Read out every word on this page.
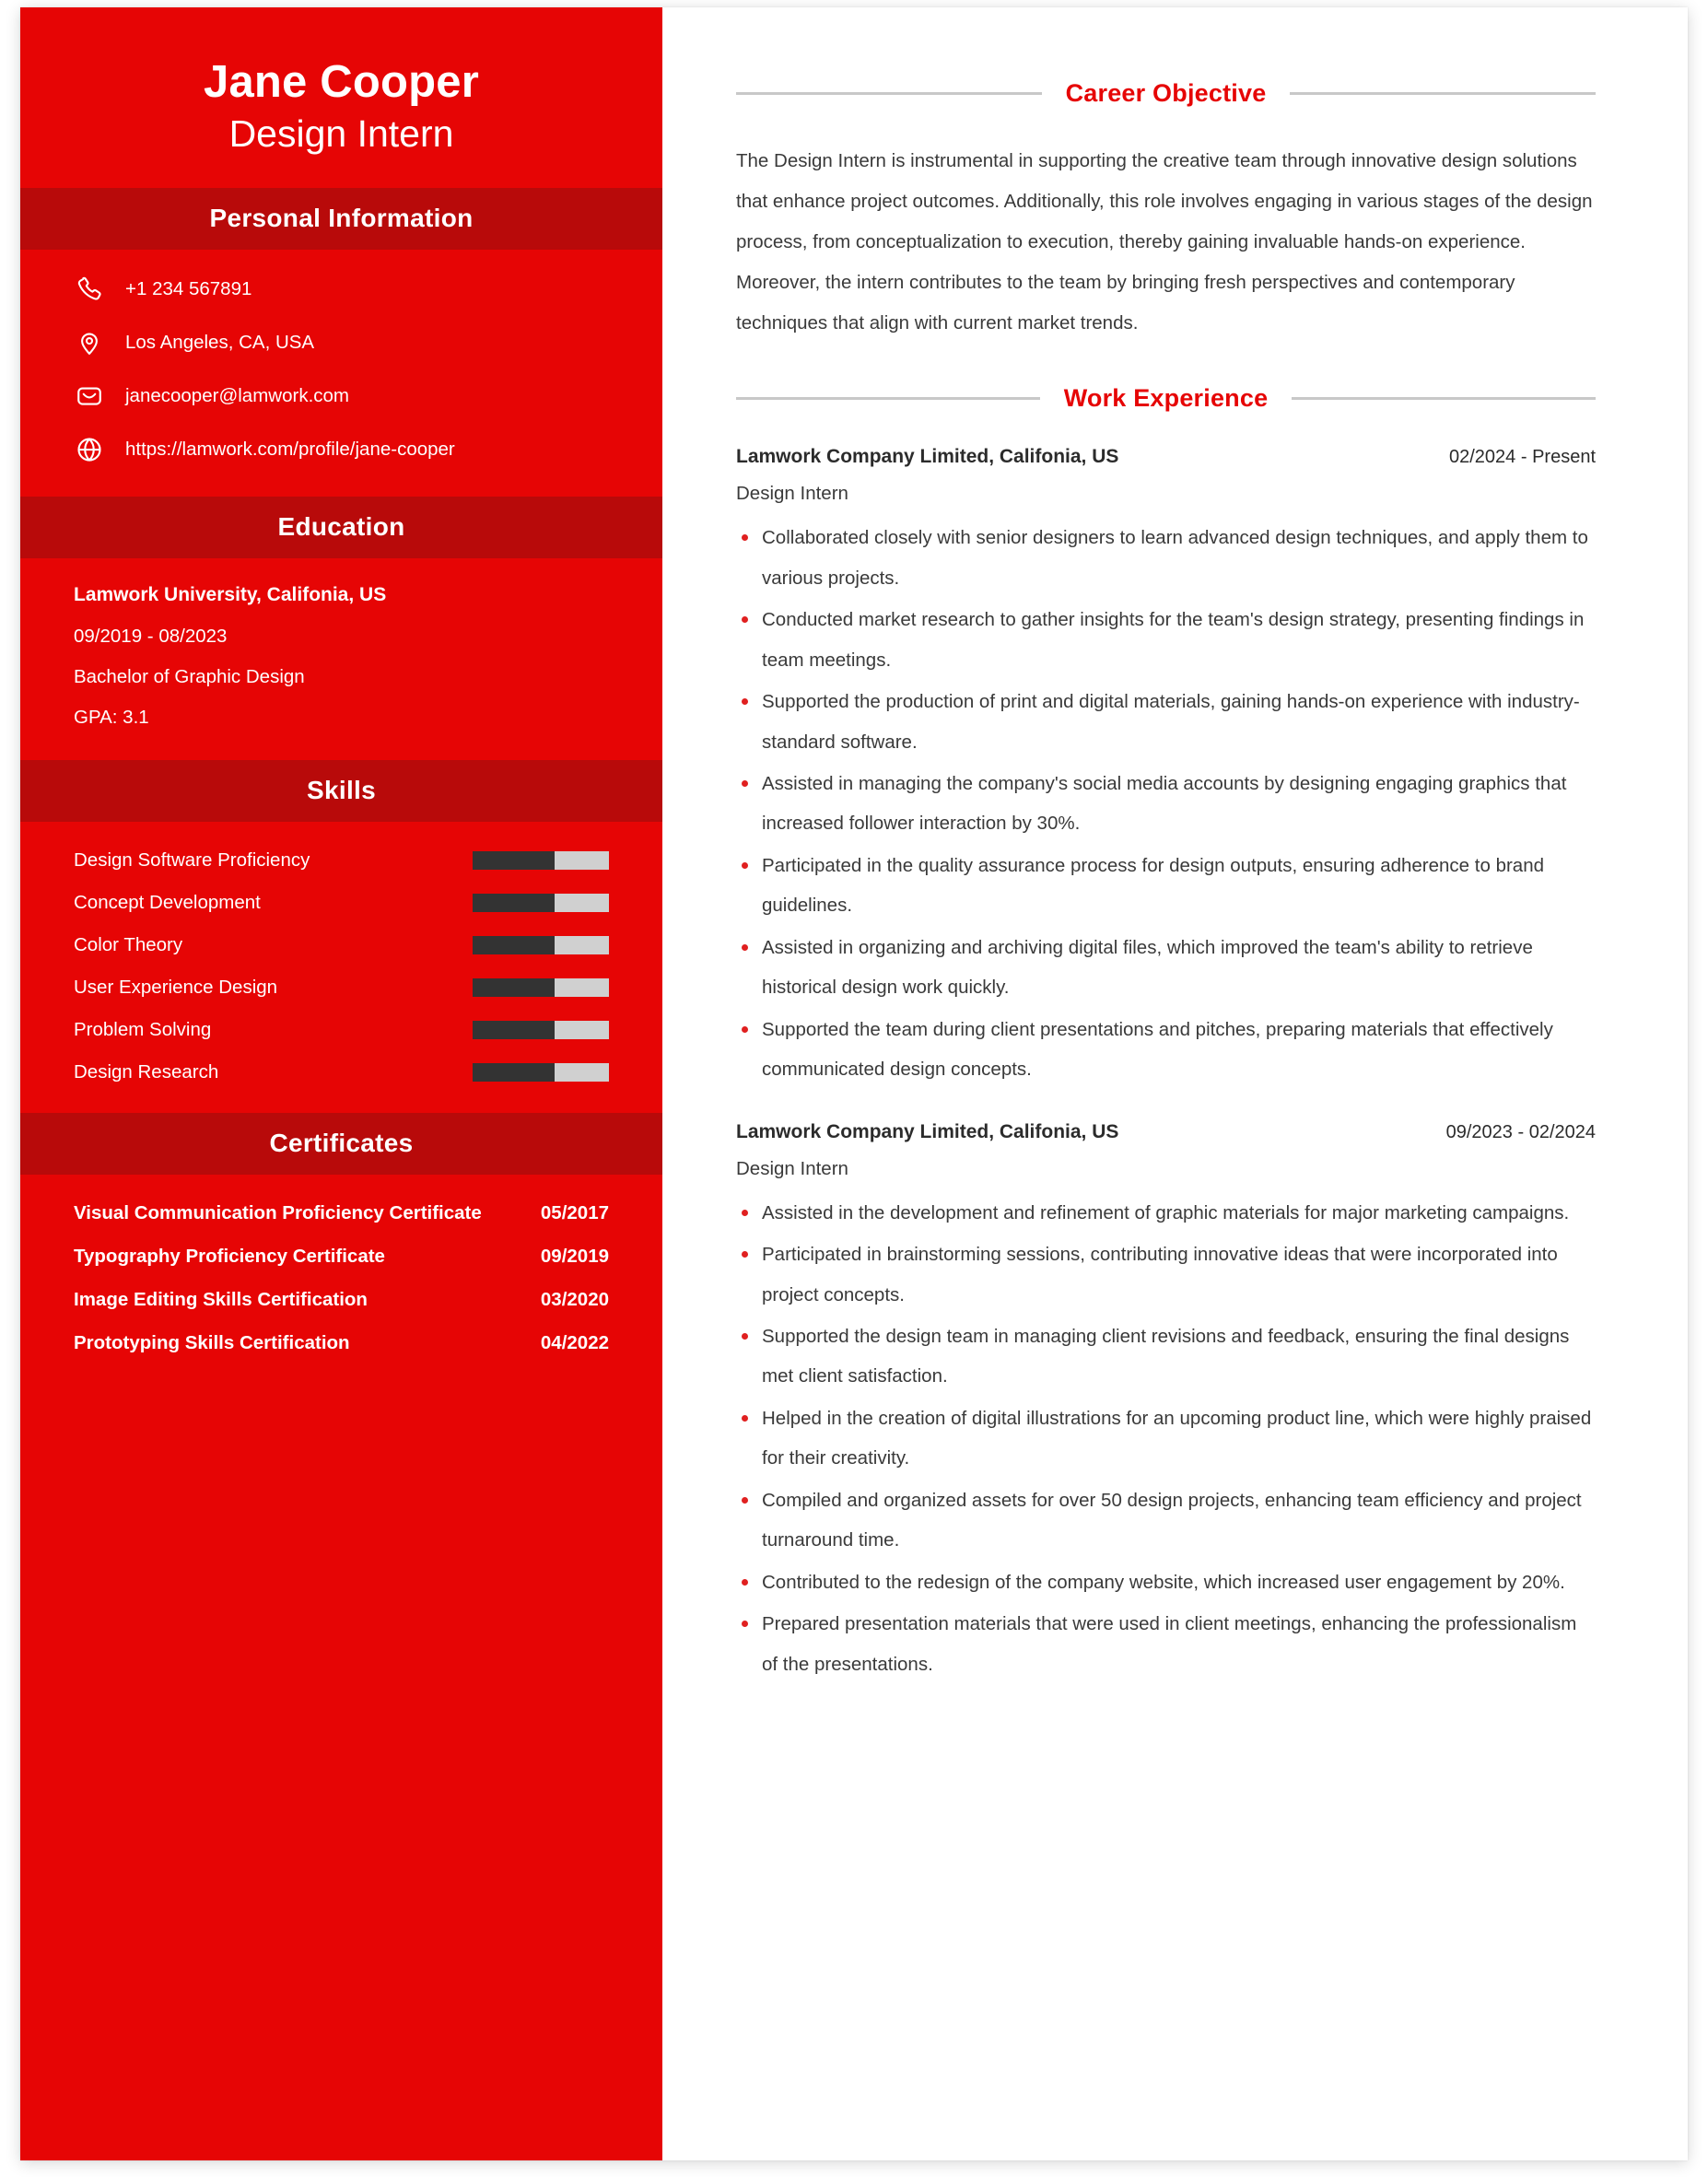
Jane Cooper
Design Intern
Personal Information
+1 234 567891
Los Angeles, CA, USA
janecooper@lamwork.com
https://lamwork.com/profile/jane-cooper
Education
Lamwork University, Califonia, US
09/2019 - 08/2023
Bachelor of Graphic Design
GPA: 3.1
Skills
Design Software Proficiency
Concept Development
Color Theory
User Experience Design
Problem Solving
Design Research
Certificates
Visual Communication Proficiency Certificate	05/2017
Typography Proficiency Certificate	09/2019
Image Editing Skills Certification	03/2020
Prototyping Skills Certification	04/2022
Career Objective

The Design Intern is instrumental in supporting the creative team through innovative design solutions that enhance project outcomes. Additionally, this role involves engaging in various stages of the design process, from conceptualization to execution, thereby gaining invaluable hands-on experience. Moreover, the intern contributes to the team by bringing fresh perspectives and contemporary techniques that align with current market trends.

Work Experience
Lamwork Company Limited, Califonia, US	02/2024 - Present
Design Intern
Collaborated closely with senior designers to learn advanced design techniques, and apply them to various projects.
Conducted market research to gather insights for the team's design strategy, presenting findings in team meetings.
Supported the production of print and digital materials, gaining hands-on experience with industry-standard software.
Assisted in managing the company's social media accounts by designing engaging graphics that increased follower interaction by 30%.
Participated in the quality assurance process for design outputs, ensuring adherence to brand guidelines.
Assisted in organizing and archiving digital files, which improved the team's ability to retrieve historical design work quickly.
Supported the team during client presentations and pitches, preparing materials that effectively communicated design concepts.
Lamwork Company Limited, Califonia, US	09/2023 - 02/2024
Design Intern
Assisted in the development and refinement of graphic materials for major marketing campaigns.
Participated in brainstorming sessions, contributing innovative ideas that were incorporated into project concepts.
Supported the design team in managing client revisions and feedback, ensuring the final designs met client satisfaction.
Helped in the creation of digital illustrations for an upcoming product line, which were highly praised for their creativity.
Compiled and organized assets for over 50 design projects, enhancing team efficiency and project turnaround time.
Contributed to the redesign of the company website, which increased user engagement by 20%.
Prepared presentation materials that were used in client meetings, enhancing the professionalism of the presentations.
